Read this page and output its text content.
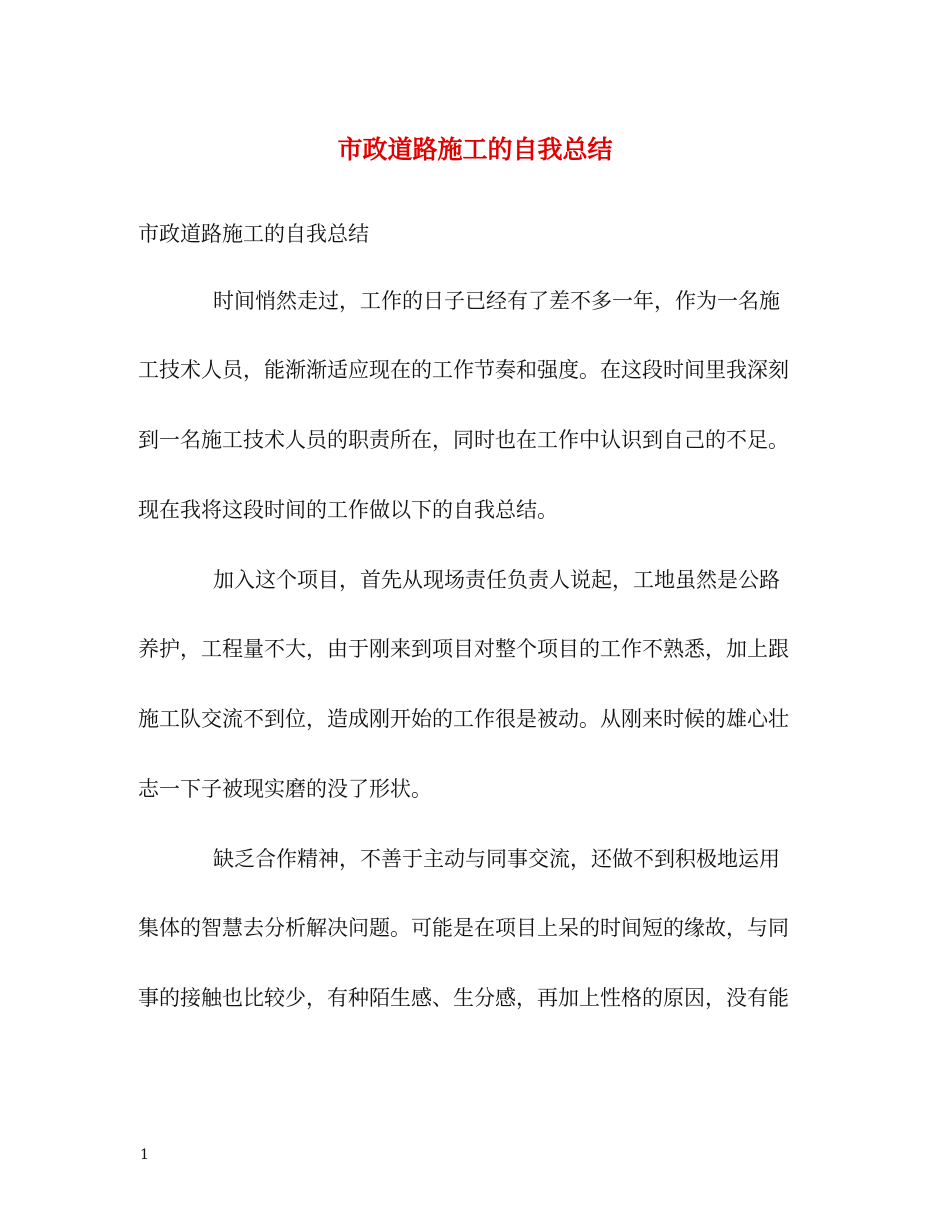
市政道路施工的自我总结

市政道路施工的自我总结

时间悄然走过，工作的日子已经有了差不多一年，作为一名施

工技术人员，能渐渐适应现在的工作节奏和强度。在这段时间里我深刻

到一名施工技术人员的职责所在，同时也在工作中认识到自己的不足。

现在我将这段时间的工作做以下的自我总结。

加入这个项目，首先从现场责任负责人说起，工地虽然是公路

养护，工程量不大，由于刚来到项目对整个项目的工作不熟悉，加上跟

施工队交流不到位，造成刚开始的工作很是被动。从刚来时候的雄心壮

志一下子被现实磨的没了形状。

缺乏合作精神，不善于主动与同事交流，还做不到积极地运用

集体的智慧去分析解决问题。可能是在项目上呆的时间短的缘故，与同

事的接触也比较少，有种陌生感、生分感，再加上性格的原因，没有能

1
